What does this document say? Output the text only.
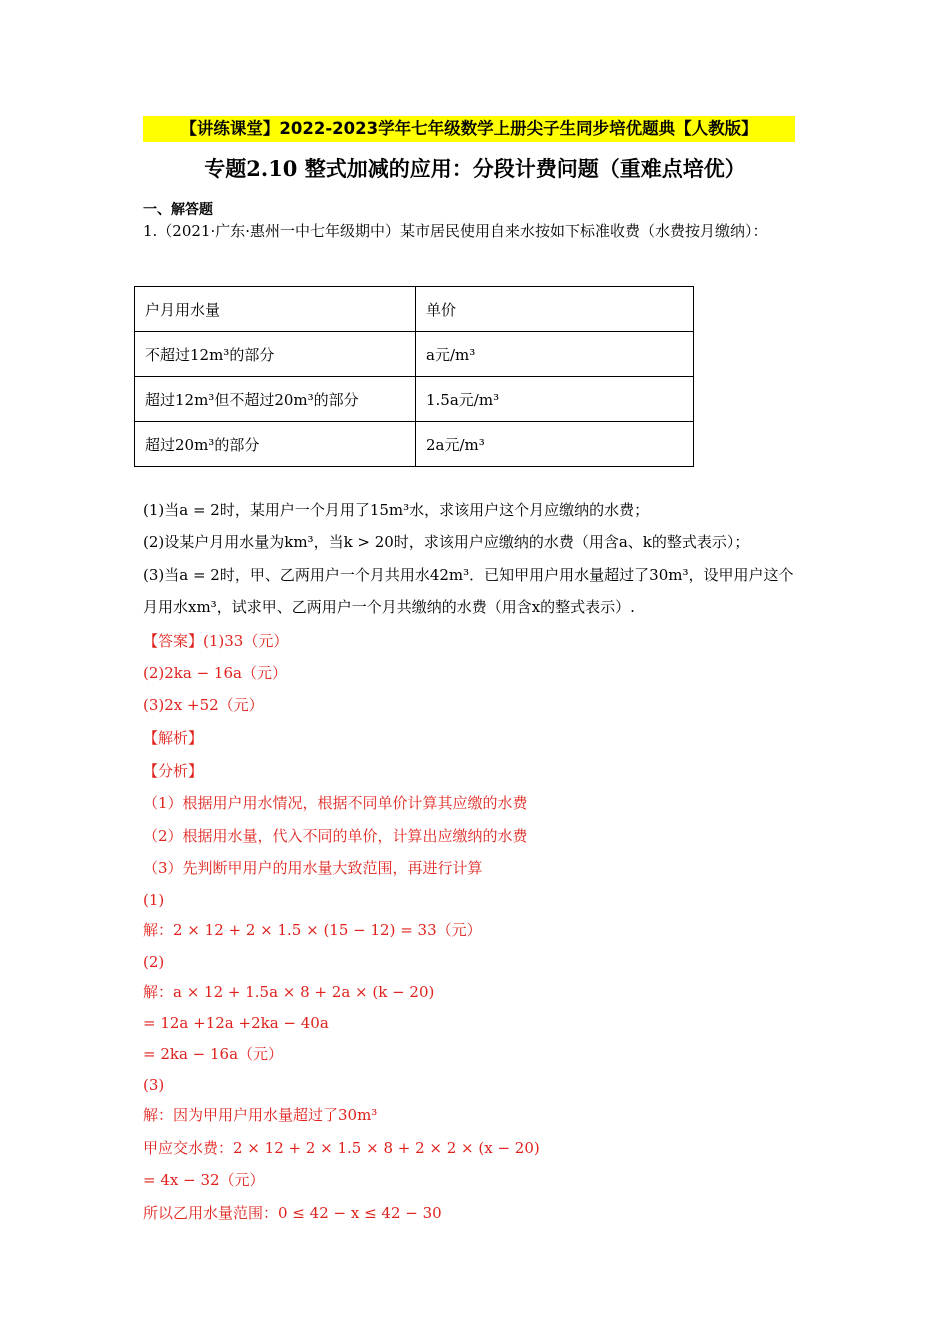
【讲练课堂】2022-2023学年七年级数学上册尖子生同步培优题典【人教版】
专题2.10 整式加减的应用：分段计费问题（重难点培优）
一、解答题
1.（2021·广东·惠州一中七年级期中）某市居民使用自来水按如下标准收费（水费按月缴纳）：
户月用水量	单价
不超过12m³的部分	a元/m³
超过12m³但不超过20m³的部分	1.5a元/m³
超过20m³的部分	2a元/m³
(1)当a = 2时，某用户一个月用了15m³水，求该用户这个月应缴纳的水费；
(2)设某户月用水量为km³，当k > 20时，求该用户应缴纳的水费（用含a、k的整式表示）；
(3)当a = 2时，甲、乙两用户一个月共用水42m³．已知甲用户用水量超过了30m³，设甲用户这个月用水xm³，试求甲、乙两用户一个月共缴纳的水费（用含x的整式表示）.
【答案】(1)33（元）
(2)2ka − 16a（元）
(3)2x +52（元）
【解析】
【分析】
（1）根据用户用水情况，根据不同单价计算其应缴的水费
（2）根据用水量，代入不同的单价，计算出应缴纳的水费
（3）先判断甲用户的用水量大致范围，再进行计算
(1)
解：2 × 12 + 2 × 1.5 × (15 − 12) = 33（元）
(2)
解：a × 12 + 1.5a × 8 + 2a × (k − 20)
= 12a +12a +2ka − 40a
= 2ka − 16a（元）
(3)
解：因为甲用户用水量超过了30m³
甲应交水费：2 × 12 + 2 × 1.5 × 8 + 2 × 2 × (x − 20)
= 4x − 32（元）
所以乙用水量范围：0 ≤ 42 − x ≤ 42 − 30
